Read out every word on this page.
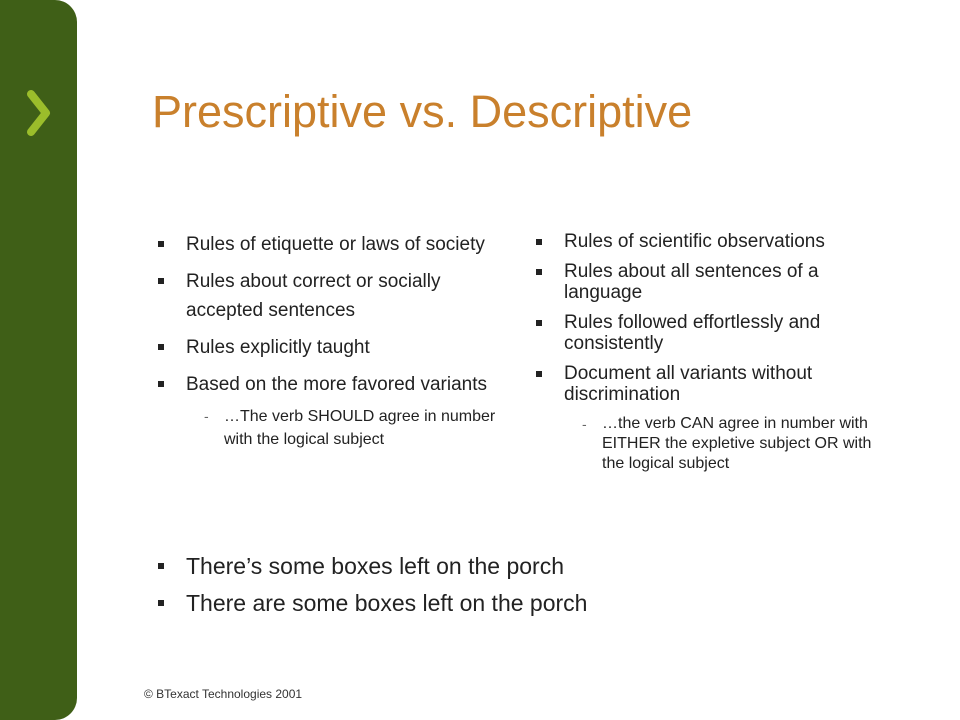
Prescriptive vs. Descriptive
Rules of etiquette or laws of society
Rules about correct or socially accepted sentences
Rules explicitly taught
Based on the more favored variants
- …The verb SHOULD agree in number with the logical subject
Rules of scientific observations
Rules about all sentences of a language
Rules followed effortlessly and consistently
Document all variants without discrimination
- …the verb CAN agree in number with EITHER the expletive subject OR with the logical subject
There’s some boxes left on the porch
There are some boxes left on the porch
© BTexact Technologies 2001
